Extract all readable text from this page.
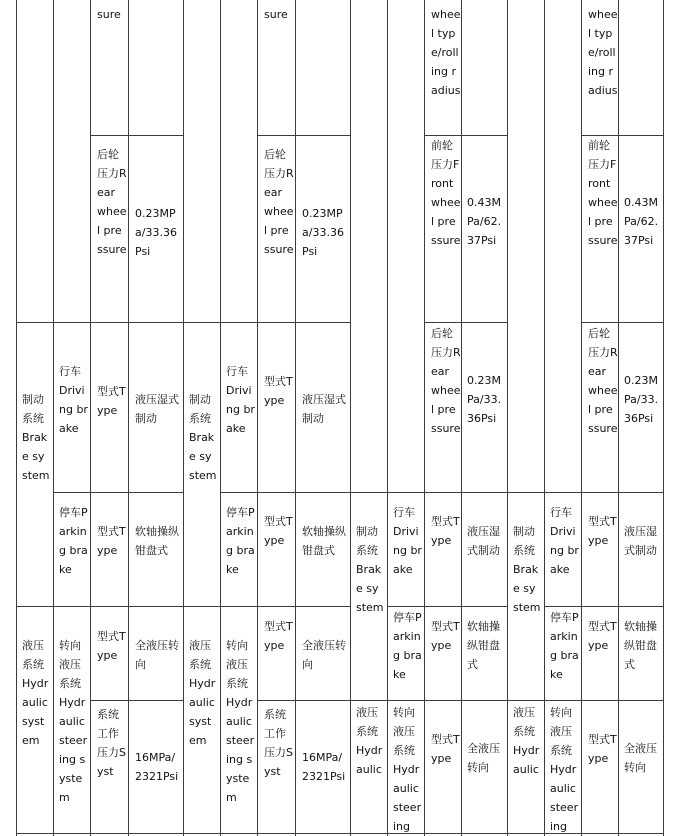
sure
后轮压力Rear wheel pressure
0.23MPa/33.36Psi
制动系统Brake system
行车Driving brake
型式Type
液压湿式制动
停车Parking brake
型式Type
软轴操纵钳盘式
液压系统Hydraulic system
转向液压系统Hydraulic steering system
型式Type
全液压转向
系统工作压力Syst
16MPa/2321Psi
sure
后轮压力Rear wheel pressure
0.23MPa/33.36Psi
制动系统Brake system
行车Driving brake
型式Type	液压湿式制动
停车Parking brake
型式Type
软轴操纵钳盘式
液压系统Hydraulic system
转向液压系统Hydraulic steering system
型式Type	全液压转向
系统工作压力Syst
16MPa/2321Psi
wheel type/rolling radius
前轮压力Front wheel pressure
0.43MPa/62.37Psi
后轮压力Rear wheel pressure
0.23MPa/33.36Psi
制动系统Brake system
行车Driving brake
型式Type
液压湿式制动
停车Parking brake
型式Type
软轴操纵钳盘式
液压系统Hydraulic
转向液压系统Hydraulic steering
型式Type
全液压转向
wheel type/rolling radius
前轮压力Front wheel pressure
0.43MPa/62.37Psi
后轮压力Rear wheel pressure
0.23MPa/33.36Psi
制动系统Brake system
行车Driving brake
型式Type
液压湿式制动
停车Parking brake
型式Type
软轴操纵钳盘式
液压系统Hydraulic
转向液压系统Hydraulic steering
型式Type
全液压转向
